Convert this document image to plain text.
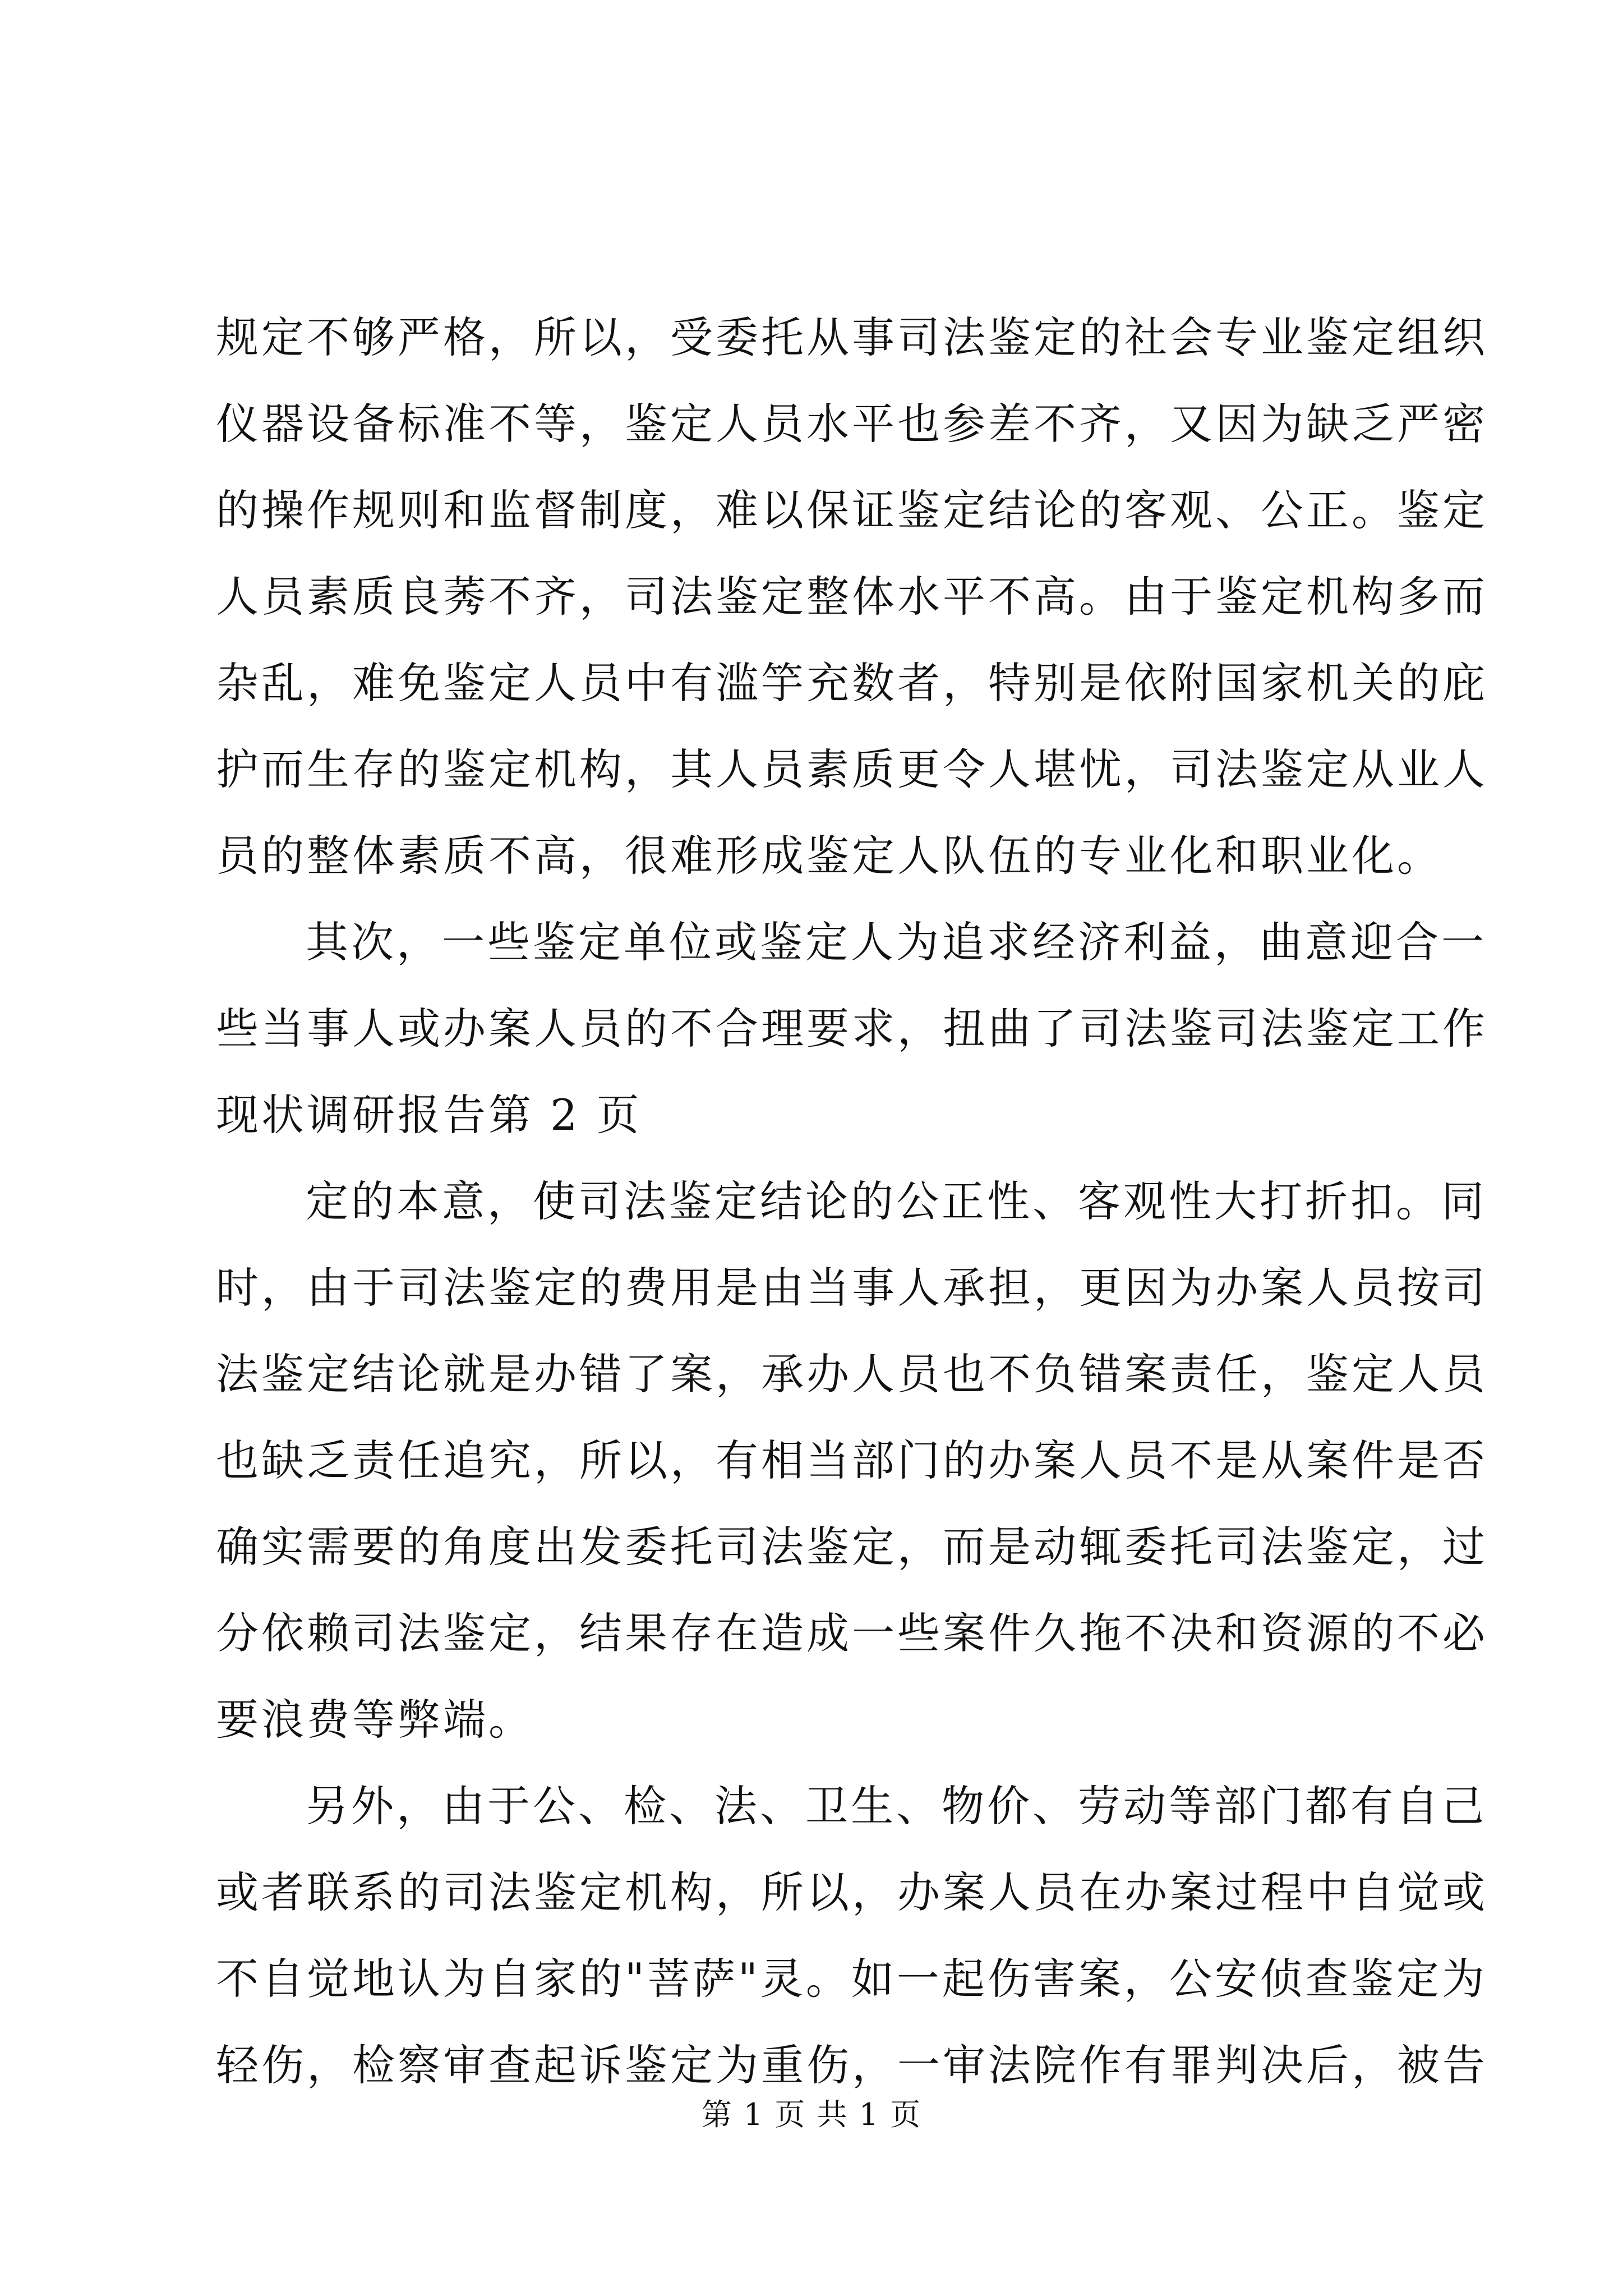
规定不够严格，所以，受委托从事司法鉴定的社会专业鉴定组织
仪器设备标准不等，鉴定人员水平也参差不齐，又因为缺乏严密
的操作规则和监督制度，难以保证鉴定结论的客观、公正。鉴定
人员素质良莠不齐，司法鉴定整体水平不高。由于鉴定机构多而
杂乱，难免鉴定人员中有滥竽充数者，特别是依附国家机关的庇
护而生存的鉴定机构，其人员素质更令人堪忧，司法鉴定从业人
员的整体素质不高，很难形成鉴定人队伍的专业化和职业化。
其次，一些鉴定单位或鉴定人为追求经济利益，曲意迎合一
些当事人或办案人员的不合理要求，扭曲了司法鉴司法鉴定工作
现状调研报告第 2 页
定的本意，使司法鉴定结论的公正性、客观性大打折扣。同
时，由于司法鉴定的费用是由当事人承担，更因为办案人员按司
法鉴定结论就是办错了案，承办人员也不负错案责任，鉴定人员
也缺乏责任追究，所以，有相当部门的办案人员不是从案件是否
确实需要的角度出发委托司法鉴定，而是动辄委托司法鉴定，过
分依赖司法鉴定，结果存在造成一些案件久拖不决和资源的不必
要浪费等弊端。
另外，由于公、检、法、卫生、物价、劳动等部门都有自己
或者联系的司法鉴定机构，所以，办案人员在办案过程中自觉或
不自觉地认为自家的"菩萨"灵。如一起伤害案，公安侦查鉴定为
轻伤，检察审查起诉鉴定为重伤，一审法院作有罪判决后，被告
第 1 页 共 1 页
